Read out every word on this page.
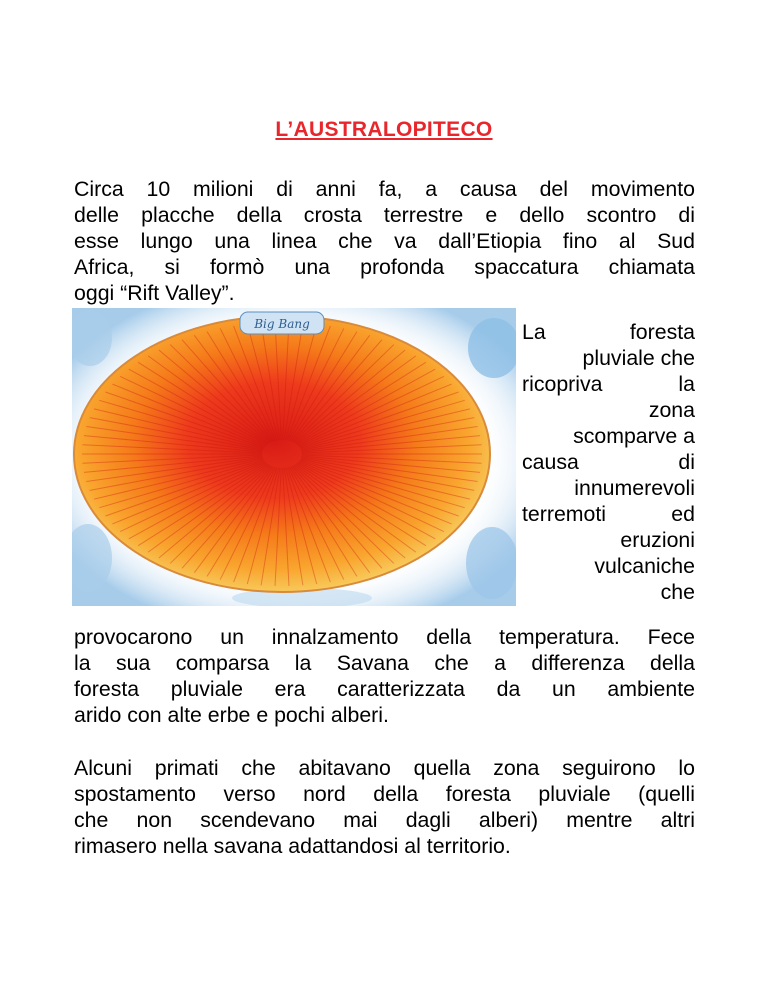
L’AUSTRALOPITECO
Circa 10 milioni di anni fa, a causa del movimento
delle placche della crosta terrestre e dello scontro di
esse lungo una linea che va dall’Etiopia fino al Sud
Africa, si formò una profonda spaccatura chiamata
oggi “Rift Valley”.
Big Bang	La foresta
pluviale che
ricopriva la
zona
scomparve a
causa di
innumerevoli
terremoti ed
eruzioni
vulcaniche
che
provocarono un innalzamento della temperatura. Fece
la sua comparsa la Savana che a differenza della
foresta pluviale era caratterizzata da un ambiente
arido con alte erbe e pochi alberi.
Alcuni primati che abitavano quella zona seguirono lo
spostamento verso nord della foresta pluviale (quelli
che non scendevano mai dagli alberi) mentre altri
rimasero nella savana adattandosi al territorio.
